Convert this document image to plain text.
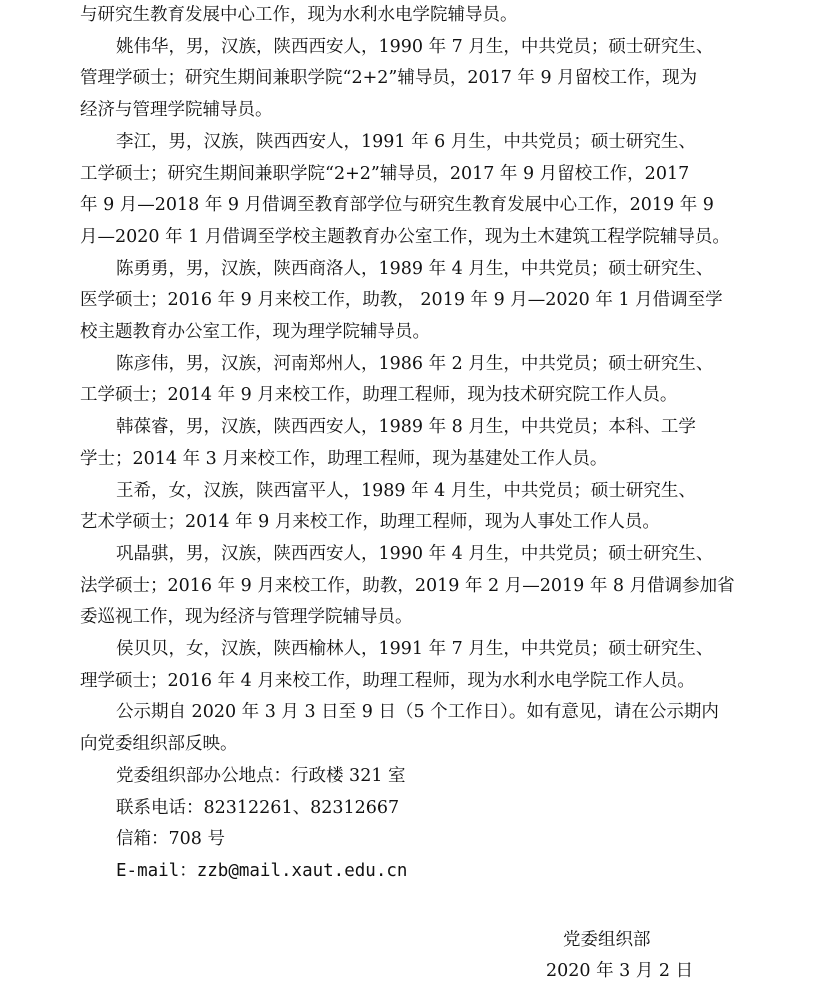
与研究生教育发展中心工作，现为水利水电学院辅导员。
姚伟华，男，汉族，陕西西安人，1990 年 7 月生，中共党员；硕士研究生、
管理学硕士；研究生期间兼职学院“2+2”辅导员，2017 年 9 月留校工作，现为
经济与管理学院辅导员。
李江，男，汉族，陕西西安人，1991 年 6 月生，中共党员；硕士研究生、
工学硕士；研究生期间兼职学院“2+2”辅导员，2017 年 9 月留校工作，2017
年 9 月—2018 年 9 月借调至教育部学位与研究生教育发展中心工作，2019 年 9
月—2020 年 1 月借调至学校主题教育办公室工作，现为土木建筑工程学院辅导员。
陈勇勇，男，汉族，陕西商洛人，1989 年 4 月生，中共党员；硕士研究生、
医学硕士；2016 年 9 月来校工作，助教， 2019 年 9 月—2020 年 1 月借调至学
校主题教育办公室工作，现为理学院辅导员。
陈彦伟，男，汉族，河南郑州人，1986 年 2 月生，中共党员；硕士研究生、
工学硕士；2014 年 9 月来校工作，助理工程师，现为技术研究院工作人员。
韩葆睿，男，汉族，陕西西安人，1989 年 8 月生，中共党员；本科、工学
学士；2014 年 3 月来校工作，助理工程师，现为基建处工作人员。
王希，女，汉族，陕西富平人，1989 年 4 月生，中共党员；硕士研究生、
艺术学硕士；2014 年 9 月来校工作，助理工程师，现为人事处工作人员。
巩晶骐，男，汉族，陕西西安人，1990 年 4 月生，中共党员；硕士研究生、
法学硕士；2016 年 9 月来校工作，助教，2019 年 2 月—2019 年 8 月借调参加省
委巡视工作，现为经济与管理学院辅导员。
侯贝贝，女，汉族，陕西榆林人，1991 年 7 月生，中共党员；硕士研究生、
理学硕士；2016 年 4 月来校工作，助理工程师，现为水利水电学院工作人员。
公示期自 2020 年 3 月 3 日至 9 日（5 个工作日）。如有意见，请在公示期内
向党委组织部反映。
党委组织部办公地点：行政楼 321 室
联系电话：82312261、82312667
信箱：708 号
E-mail：zzb@mail.xaut.edu.cn

党委组织部
2020 年 3 月 2 日
